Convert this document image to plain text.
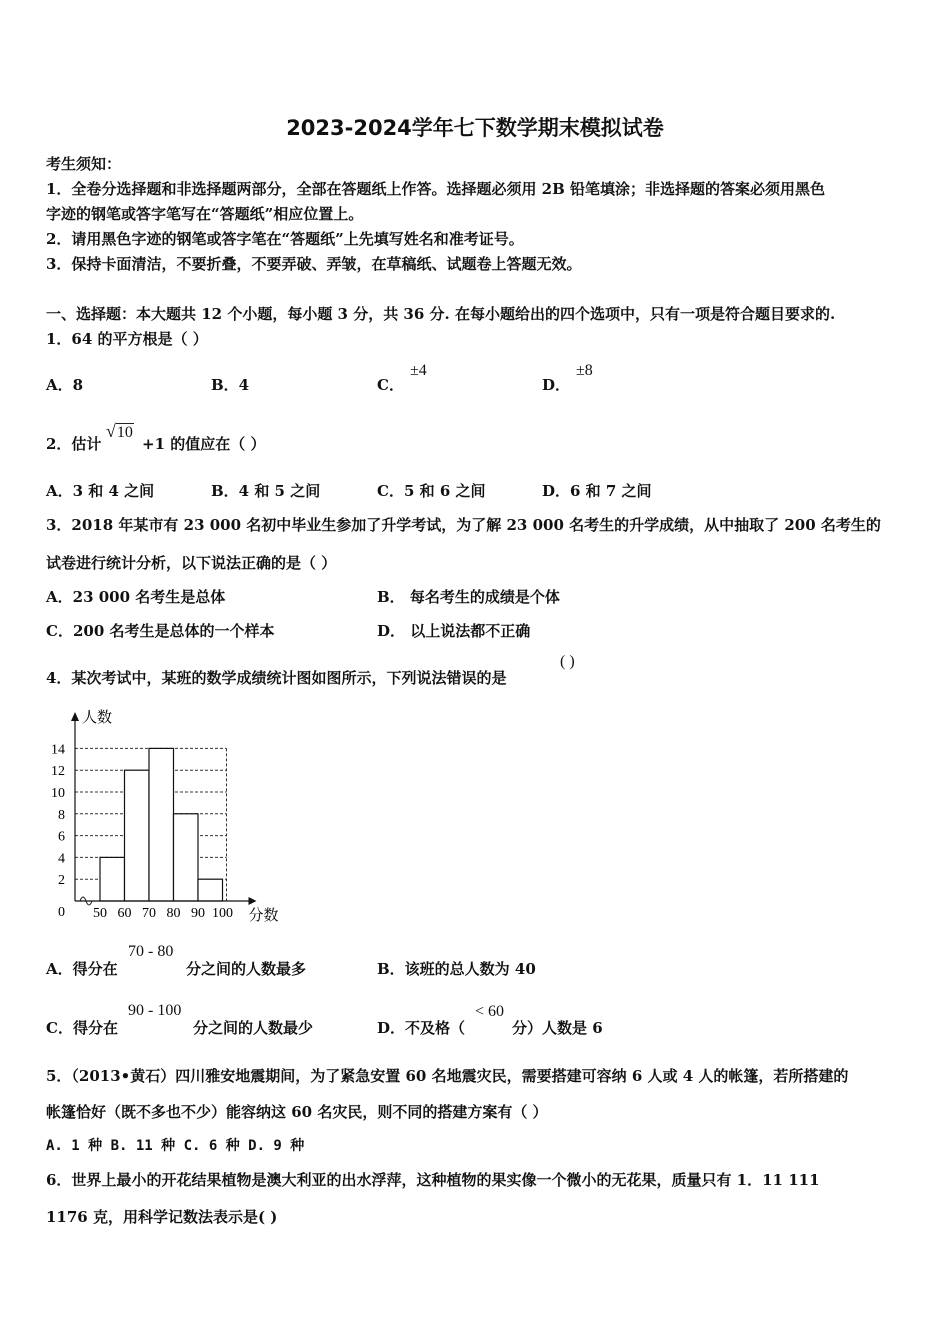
2023-2024学年七下数学期末模拟试卷
考生须知：
1．全卷分选择题和非选择题两部分，全部在答题纸上作答。选择题必须用 2B 铅笔填涂；非选择题的答案必须用黑色
字迹的钢笔或答字笔写在“答题纸”相应位置上。
2．请用黑色字迹的钢笔或答字笔在“答题纸”上先填写姓名和准考证号。
3．保持卡面清洁，不要折叠，不要弄破、弄皱，在草稿纸、试题卷上答题无效。
一、选择题：本大题共 12 个小题，每小题 3 分，共 36 分. 在每小题给出的四个选项中，只有一项是符合题目要求的.
1．64 的平方根是（ ）
A．8	B．4	C．
±4
D．
±8
2．估计
√10
+1 的值应在（ ）
A．3 和 4 之间	B．4 和 5 之间	C．5 和 6 之间	D．6 和 7 之间
3．2018 年某市有 23 000 名初中毕业生参加了升学考试，为了解 23 000 名考生的升学成绩，从中抽取了 200 名考生的
试卷进行统计分析，以下说法正确的是（ ）
A．23 000 名考生是总体	B． 每名考生的成绩是个体
C．200 名考生是总体的一个样本	D． 以上说法都不正确
4．某次考试中，某班的数学成绩统计图如图所示，下列说法错误的是
( )
2
4
6
8
10
12
14
50 60 70 80 90 100
0
人数
分数
A．得分在
70 - 80
分之间的人数最多	B．该班的总人数为 40
C．得分在
90 - 100
分之间的人数最少	D．不及格（
< 60
分）人数是 6
5．（2013•黄石）四川雅安地震期间，为了紧急安置 60 名地震灾民，需要搭建可容纳 6 人或 4 人的帐篷，若所搭建的
帐篷恰好（既不多也不少）能容纳这 60 名灾民，则不同的搭建方案有（ ）
A. 1 种 B. 11 种 C. 6 种 D. 9 种
6．世界上最小的开花结果植物是澳大利亚的出水浮萍，这种植物的果实像一个微小的无花果，质量只有 1．11 111
1176 克，用科学记数法表示是( )
